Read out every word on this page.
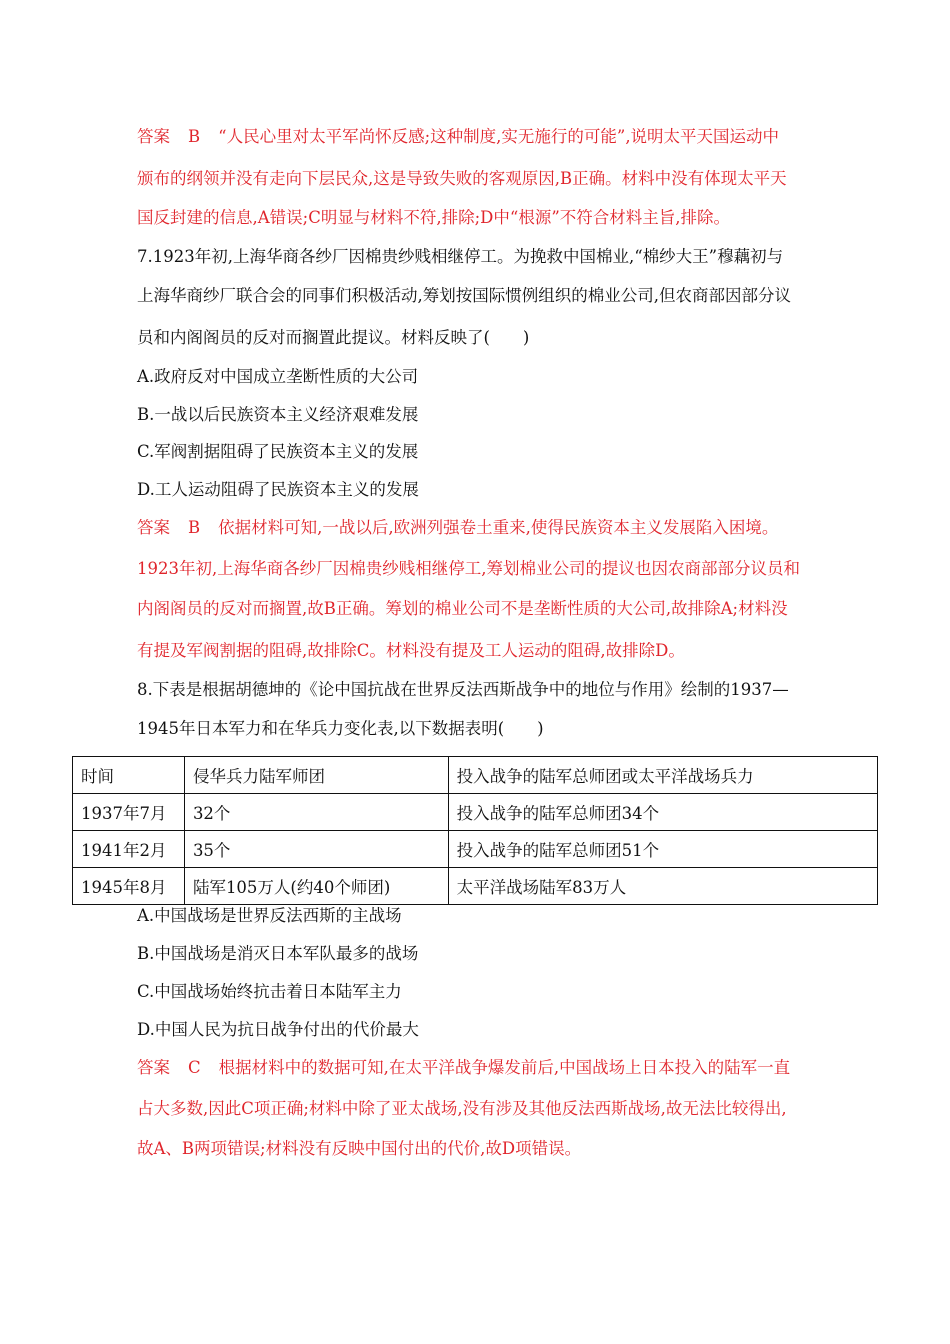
答案 B “人民心里对太平军尚怀反感;这种制度,实无施行的可能”,说明太平天国运动中
颁布的纲领并没有走向下层民众,这是导致失败的客观原因,B正确。材料中没有体现太平天
国反封建的信息,A错误;C明显与材料不符,排除;D中“根源”不符合材料主旨,排除。
7.1923年初,上海华商各纱厂因棉贵纱贱相继停工。为挽救中国棉业,“棉纱大王”穆藕初与
上海华商纱厂联合会的同事们积极活动,筹划按国际惯例组织的棉业公司,但农商部因部分议
员和内阁阁员的反对而搁置此提议。材料反映了(　　)
A.政府反对中国成立垄断性质的大公司
B.一战以后民族资本主义经济艰难发展
C.军阀割据阻碍了民族资本主义的发展
D.工人运动阻碍了民族资本主义的发展
答案 B 依据材料可知,一战以后,欧洲列强卷土重来,使得民族资本主义发展陷入困境。
1923年初,上海华商各纱厂因棉贵纱贱相继停工,筹划棉业公司的提议也因农商部部分议员和
内阁阁员的反对而搁置,故B正确。筹划的棉业公司不是垄断性质的大公司,故排除A;材料没
有提及军阀割据的阻碍,故排除C。材料没有提及工人运动的阻碍,故排除D。
8.下表是根据胡德坤的《论中国抗战在世界反法西斯战争中的地位与作用》绘制的1937—
1945年日本军力和在华兵力变化表,以下数据表明(　　)
时间	侵华兵力陆军师团	投入战争的陆军总师团或太平洋战场兵力
1937年7月	32个	投入战争的陆军总师团34个
1941年2月	35个	投入战争的陆军总师团51个
1945年8月	陆军105万人(约40个师团)	太平洋战场陆军83万人
A.中国战场是世界反法西斯的主战场
B.中国战场是消灭日本军队最多的战场
C.中国战场始终抗击着日本陆军主力
D.中国人民为抗日战争付出的代价最大
答案 C 根据材料中的数据可知,在太平洋战争爆发前后,中国战场上日本投入的陆军一直
占大多数,因此C项正确;材料中除了亚太战场,没有涉及其他反法西斯战场,故无法比较得出,
故A、B两项错误;材料没有反映中国付出的代价,故D项错误。
